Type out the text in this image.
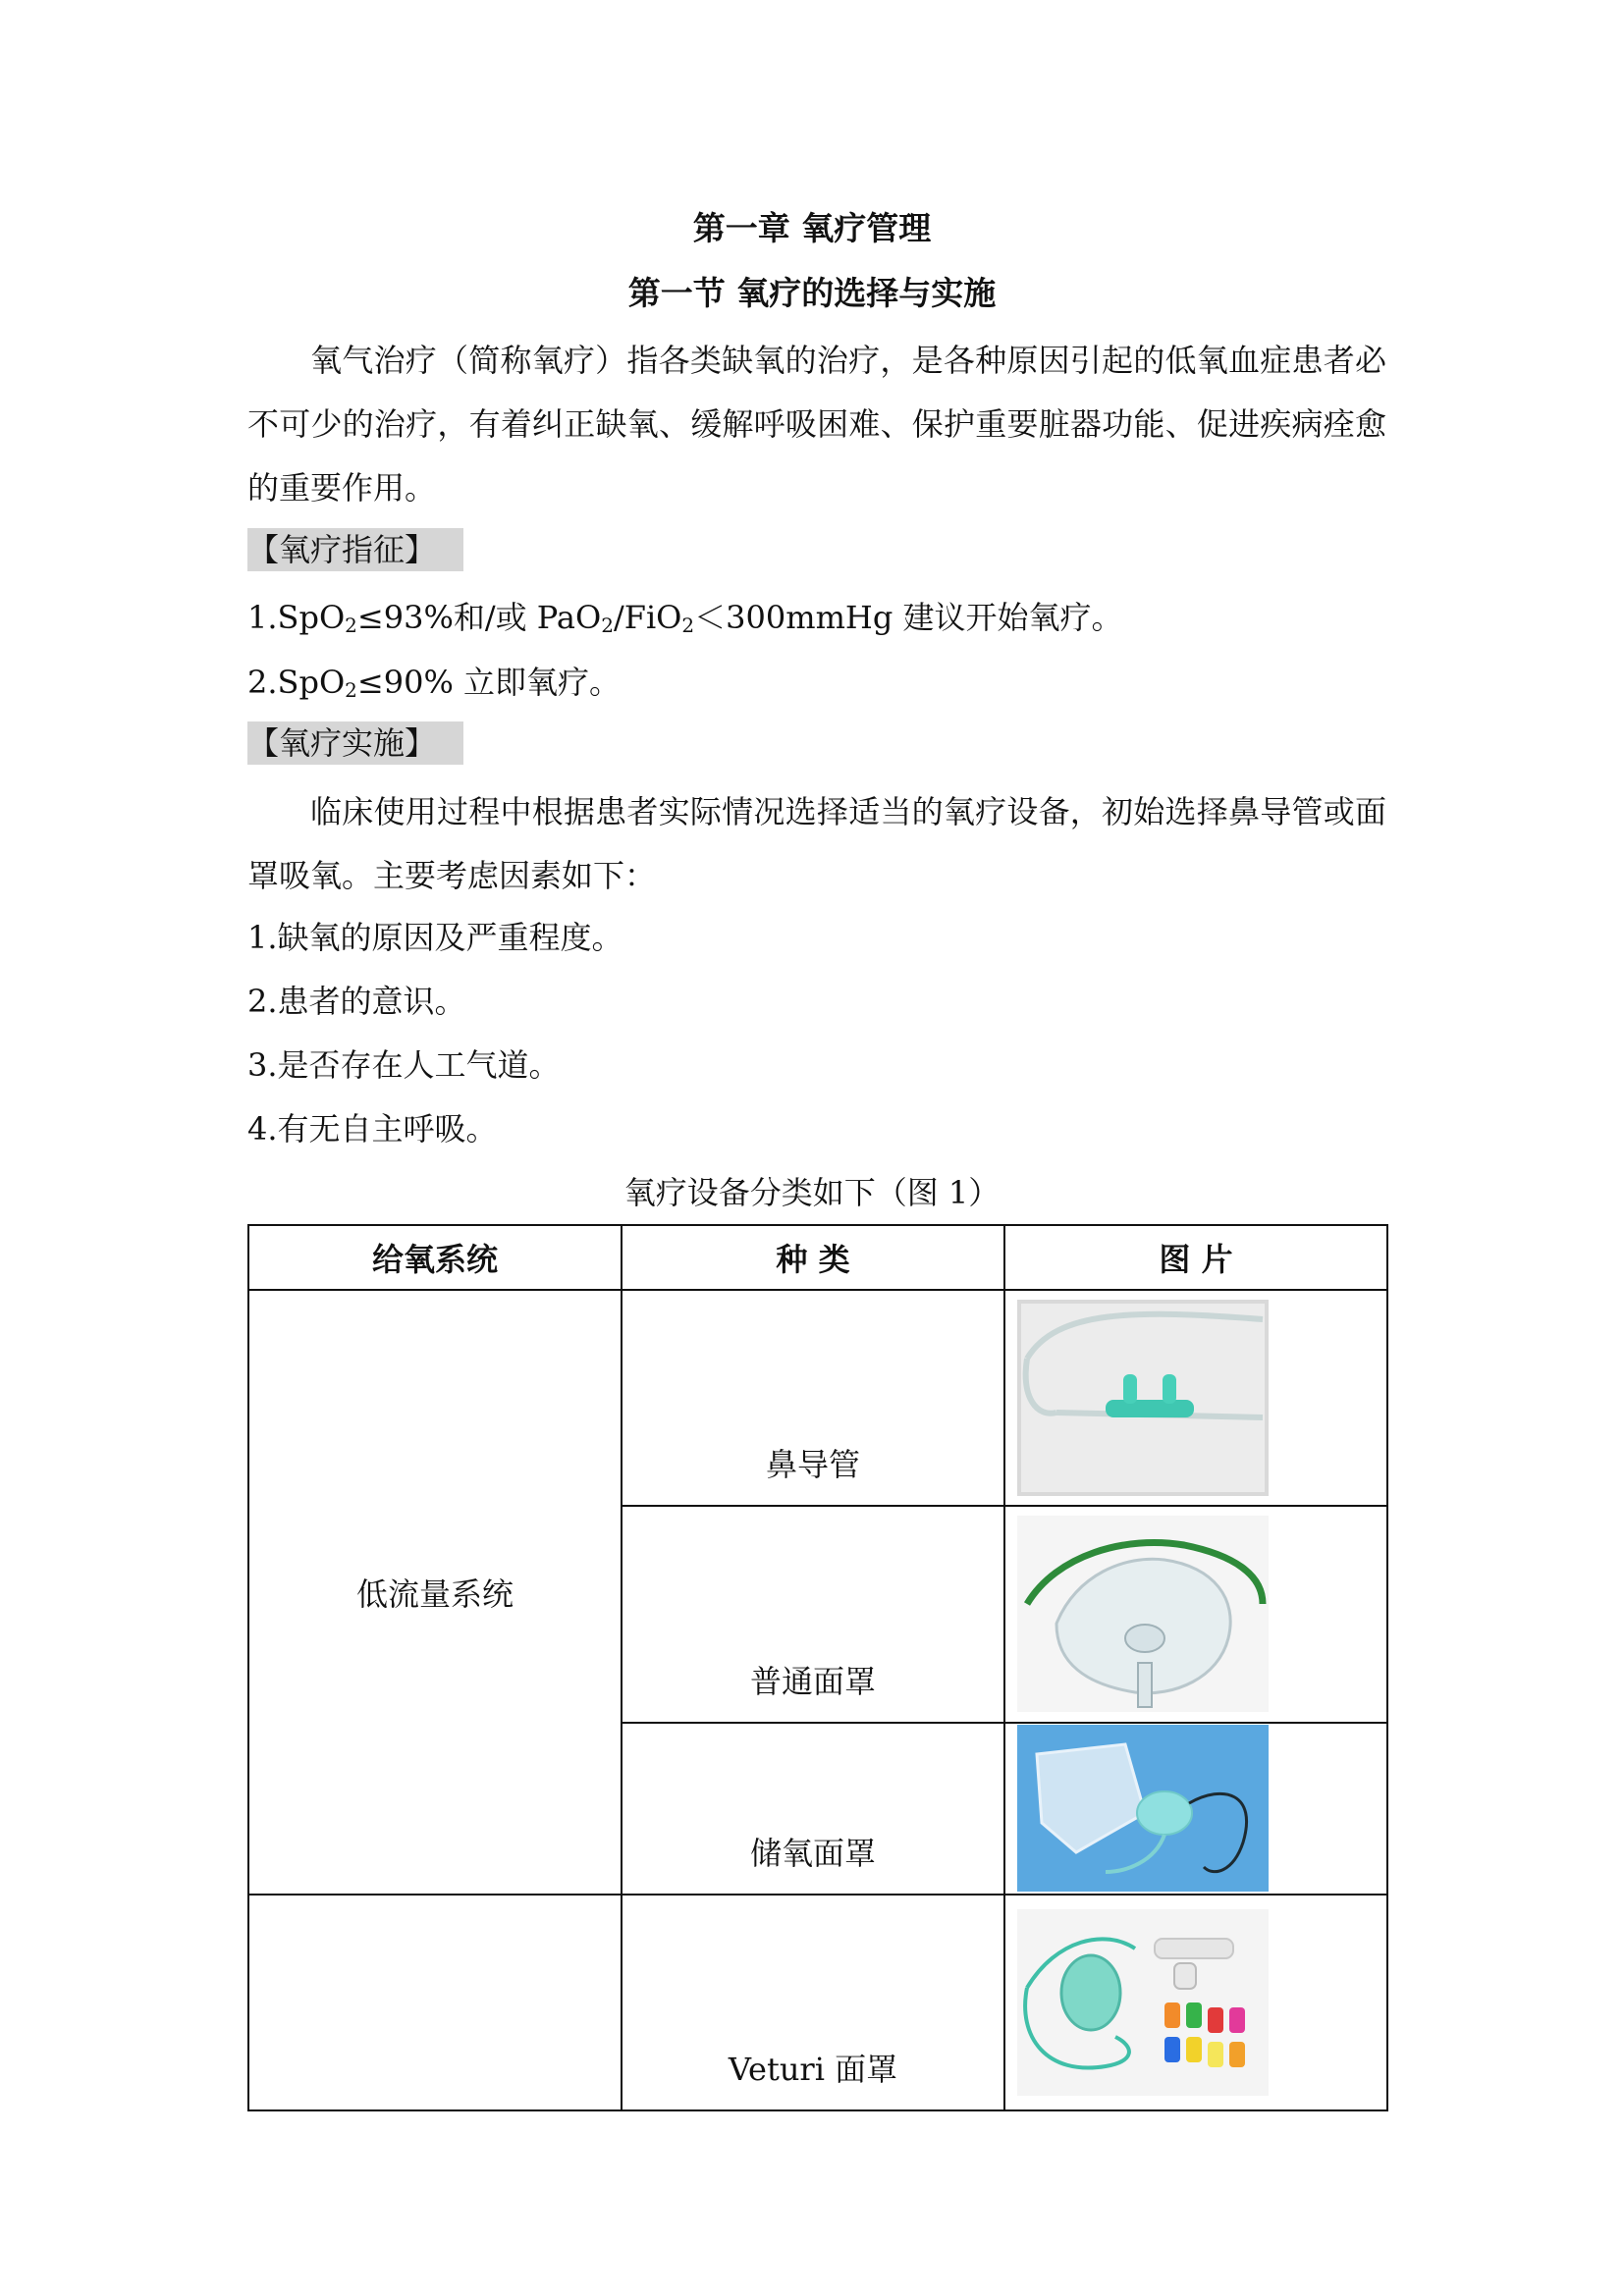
第一章 氧疗管理
第一节 氧疗的选择与实施

氧气治疗（简称氧疗）指各类缺氧的治疗，是各种原因引起的低氧血症患者必不可少的治疗，有着纠正缺氧、缓解呼吸困难、保护重要脏器功能、促进疾病痊愈的重要作用。

【氧疗指征】

1.SpO$_2$≤93%和/或 PaO$_2$/FiO$_2$＜300mmHg 建议开始氧疗。

2.SpO$_2$≤90% 立即氧疗。

【氧疗实施】

临床使用过程中根据患者实际情况选择适当的氧疗设备，初始选择鼻导管或面罩吸氧。主要考虑因素如下：

1.缺氧的原因及严重程度。

2.患者的意识。

3.是否存在人工气道。

4.有无自主呼吸。

氧疗设备分类如下（图 1）

给氧系统	种 类	图 片
低流量系统	鼻导管	

	普通面罩	

	储氧面罩	

	Veturi 面罩	
